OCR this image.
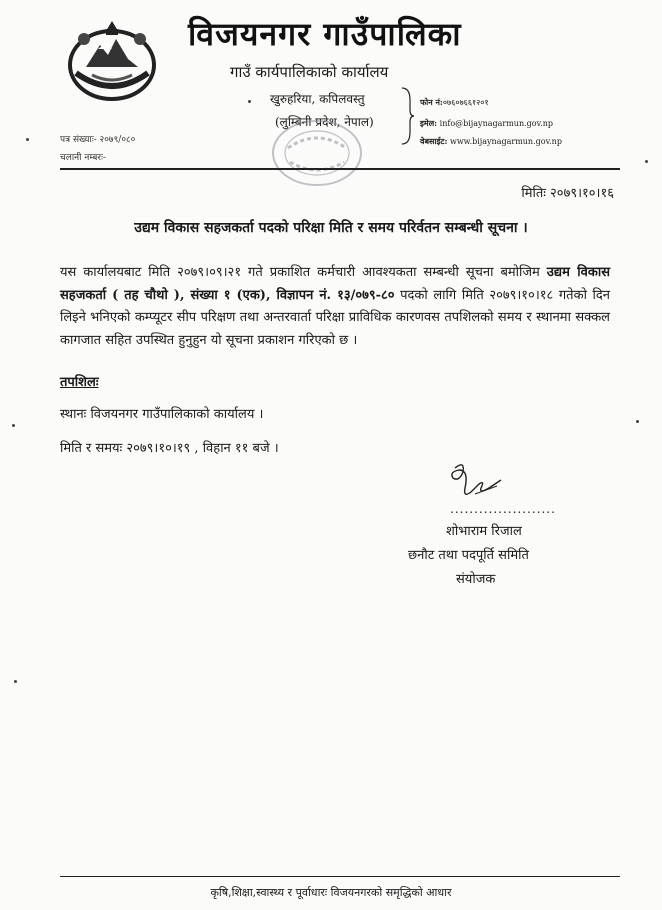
विजयनगर गाउँपालिका
गाउँ कार्यपालिकाको कार्यालय
खुरुहरिया, कपिलवस्तु
(लुम्बिनी प्रदेश, नेपाल)
फोन नं:०७६०७६६१२०१
इमेल: info@bijaynagarmun.gov.np
वेबसाईट: www.bijaynagarmun.gov.np
पत्र संख्याः- २०७९/०८०
चलानी नम्बरः-
मितिः २०७९।१०।१६
उद्यम विकास सहजकर्ता पदको परिक्षा मिति र समय परिर्वतन सम्बन्धी सूचना ।
यस कार्यालयबाट मिति २०७९।०९।२१ गते प्रकाशित कर्मचारी आवश्यकता सम्बन्धी सूचना बमोजिम उद्यम विकास सहजकर्ता ( तह चौथो ), संख्या १ (एक), विज्ञापन नं. १३/०७९-८० पदको लागि मिति २०७९।१०।१८ गतेको दिन लिइने भनिएको कम्प्यूटर सीप परिक्षण तथा अन्तरवार्ता परिक्षा प्राविधिक कारणवस तपशिलको समय र स्थानमा सक्कल कागजात सहित उपस्थित हुनुहुन यो सूचना प्रकाशन गरिएको छ ।
तपशिलः
स्थानः विजयनगर गाउँपालिकाको कार्यालय ।
मिति र समयः २०७९।१०।१९ , विहान ११ बजे ।
......................
शोभाराम रिजाल
छनौट तथा पदपूर्ति समिति
संयोजक
कृषि,शिक्षा,स्वास्थ्य र पूर्वाधारः विजयनगरको समृद्धिको आधार
